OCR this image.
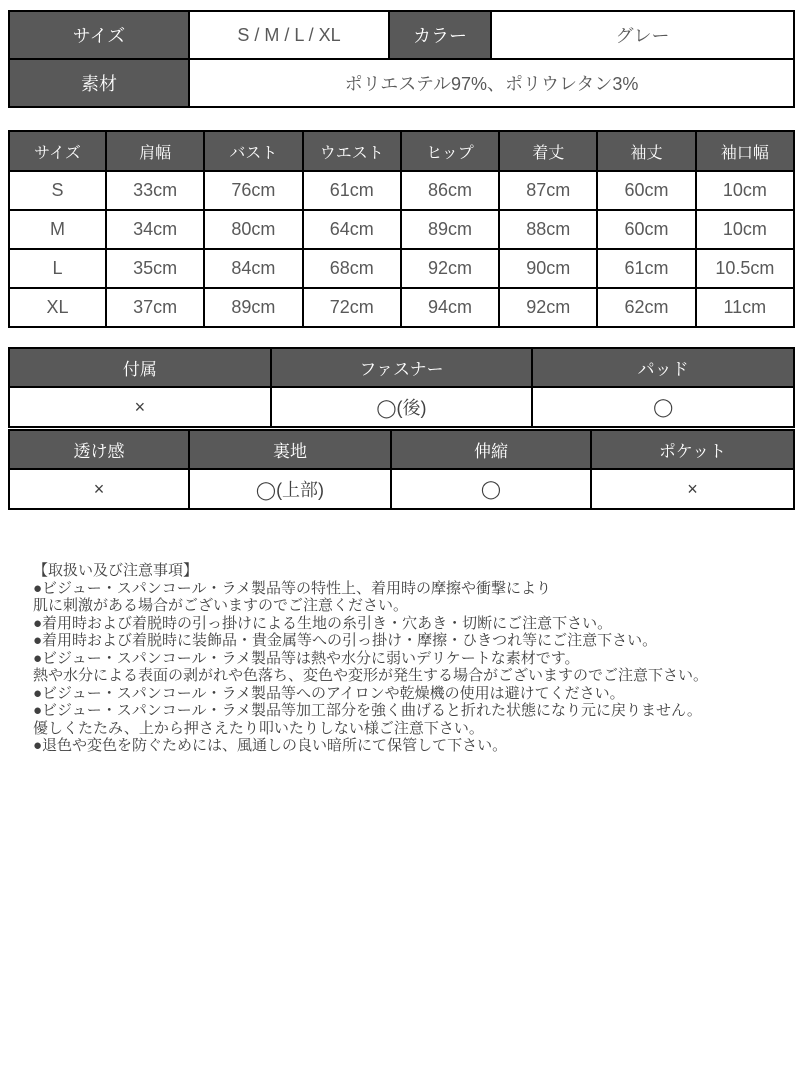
サイズ	S / M / L / XL	カラー	グレー
素材	ポリエステル97%、ポリウレタン3%		
サイズ	肩幅	バスト	ウエスト	ヒップ	着丈	袖丈	袖口幅
S	33cm	76cm	61cm	86cm	87cm	60cm	10cm
M	34cm	80cm	64cm	89cm	88cm	60cm	10cm
L	35cm	84cm	68cm	92cm	90cm	61cm	10.5cm
XL	37cm	89cm	72cm	94cm	92cm	62cm	11cm
付属	ファスナー	パッド
×	◯(後)	◯
透け感	裏地	伸縮	ポケット
×	◯(上部)	◯	×
【取扱い及び注意事項】
●ビジュー・スパンコール・ラメ製品等の特性上、着用時の摩擦や衝撃により
肌に刺激がある場合がございますのでご注意ください。
●着用時および着脱時の引っ掛けによる生地の糸引き・穴あき・切断にご注意下さい。
●着用時および着脱時に装飾品・貴金属等への引っ掛け・摩擦・ひきつれ等にご注意下さい。
●ビジュー・スパンコール・ラメ製品等は熱や水分に弱いデリケートな素材です。
熱や水分による表面の剥がれや色落ち、変色や変形が発生する場合がございますのでご注意下さい。
●ビジュー・スパンコール・ラメ製品等へのアイロンや乾燥機の使用は避けてください。
●ビジュー・スパンコール・ラメ製品等加工部分を強く曲げると折れた状態になり元に戻りません。
優しくたたみ、上から押さえたり叩いたりしない様ご注意下さい。
●退色や変色を防ぐためには、風通しの良い暗所にて保管して下さい。
